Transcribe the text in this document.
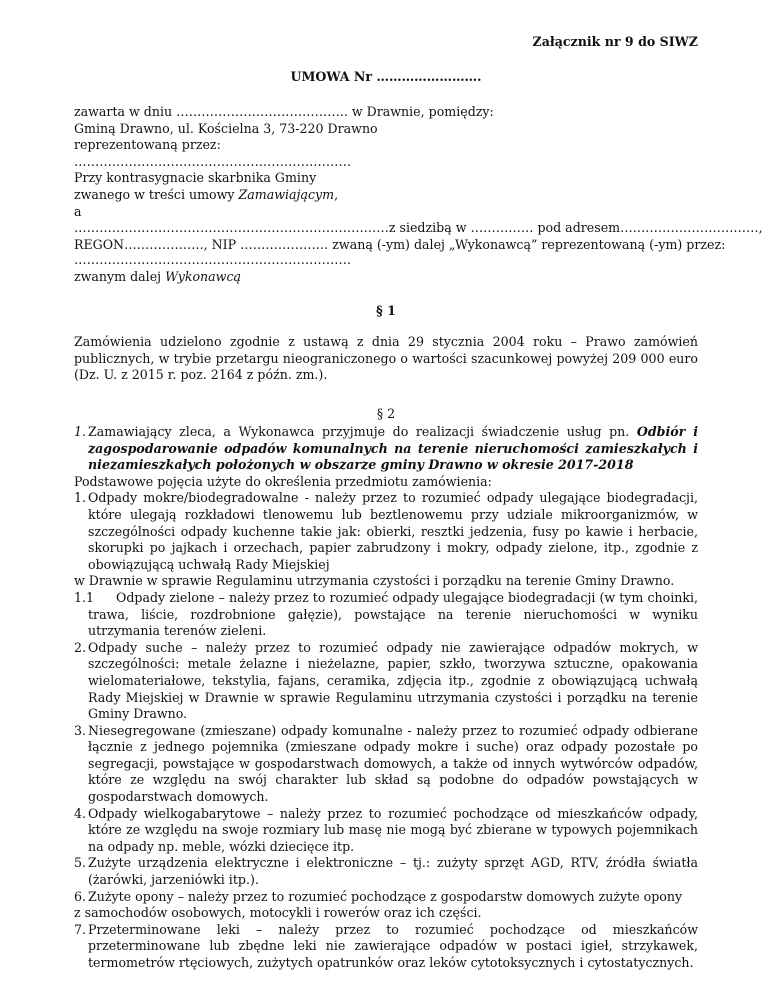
Załącznik nr 9 do SIWZ
UMOWA Nr …………………….
zawarta w dniu ………………………………….. w Drawnie, pomiędzy:
Gminą Drawno, ul. Kościelna 3, 73-220 Drawno
reprezentowaną przez:
…………………………………………………………
Przy kontrasygnacie skarbnika Gminy
zwanego w treści umowy Zamawiającym,
a
…………………………………………………………………z siedzibą w …………… pod adresem……………………………,
REGON………………., NIP ………………… zwaną (-ym) dalej „Wykonawcą” reprezentowaną (-ym) przez:
…………………………………………………………
zwanym dalej Wykonawcą
§ 1
Zamówienia udzielono zgodnie z ustawą z dnia 29 stycznia 2004 roku – Prawo zamówień publicznych, w trybie przetargu nieograniczonego o wartości szacunkowej powyżej 209 000 euro (Dz. U. z 2015 r. poz. 2164 z późn. zm.).
§ 2

1. Zamawiający zleca, a Wykonawca przyjmuje do realizacji świadczenie usług pn. Odbiór i zagospodarowanie odpadów komunalnych na terenie nieruchomości zamieszkałych i niezamieszkałych położonych w obszarze gminy Drawno w okresie 2017-2018

Podstawowe pojęcia użyte do określenia przedmiotu zamówienia:

1. Odpady mokre/biodegradowalne - należy przez to rozumieć odpady ulegające biodegradacji, które ulegają rozkładowi tlenowemu lub beztlenowemu przy udziale mikroorganizmów, w szczególności odpady kuchenne takie jak: obierki, resztki jedzenia, fusy po kawie i herbacie, skorupki po jajkach i orzechach, papier zabrudzony i mokry, odpady zielone, itp., zgodnie z obowiązującą uchwałą Rady Miejskiej

w Drawnie w sprawie Regulaminu utrzymania czystości i porządku na terenie Gminy Drawno.

1.1 Odpady zielone – należy przez to rozumieć odpady ulegające biodegradacji (w tym choinki, trawa, liście, rozdrobnione gałęzie), powstające na terenie nieruchomości w wyniku utrzymania terenów zieleni.

2. Odpady suche – należy przez to rozumieć odpady nie zawierające odpadów mokrych, w szczególności: metale żelazne i nieżelazne, papier, szkło, tworzywa sztuczne, opakowania wielomateriałowe, tekstylia, fajans, ceramika, zdjęcia itp., zgodnie z obowiązującą uchwałą Rady Miejskiej w Drawnie w sprawie Regulaminu utrzymania czystości i porządku na terenie Gminy Drawno.

3. Niesegregowane (zmieszane) odpady komunalne - należy przez to rozumieć odpady odbierane łącznie z jednego pojemnika (zmieszane odpady mokre i suche) oraz odpady pozostałe po segregacji, powstające w gospodarstwach domowych, a także od innych wytwórców odpadów, które ze względu na swój charakter lub skład są podobne do odpadów powstających w gospodarstwach domowych.

4. Odpady wielkogabarytowe – należy przez to rozumieć pochodzące od mieszkańców odpady, które ze względu na swoje rozmiary lub masę nie mogą być zbierane w typowych pojemnikach na odpady np. meble, wózki dziecięce itp.

5. Zużyte urządzenia elektryczne i elektroniczne – tj.: zużyty sprzęt AGD, RTV, źródła światła (żarówki, jarzeniówki itp.).

6. Zużyte opony – należy przez to rozumieć pochodzące z gospodarstw domowych zużyte opony

z samochodów osobowych, motocykli i rowerów oraz ich części.

7. Przeterminowane leki – należy przez to rozumieć pochodzące od mieszkańców przeterminowane lub zbędne leki nie zawierające odpadów w postaci igieł, strzykawek, termometrów rtęciowych, zużytych opatrunków oraz leków cytotoksycznych i cytostatycznych.
